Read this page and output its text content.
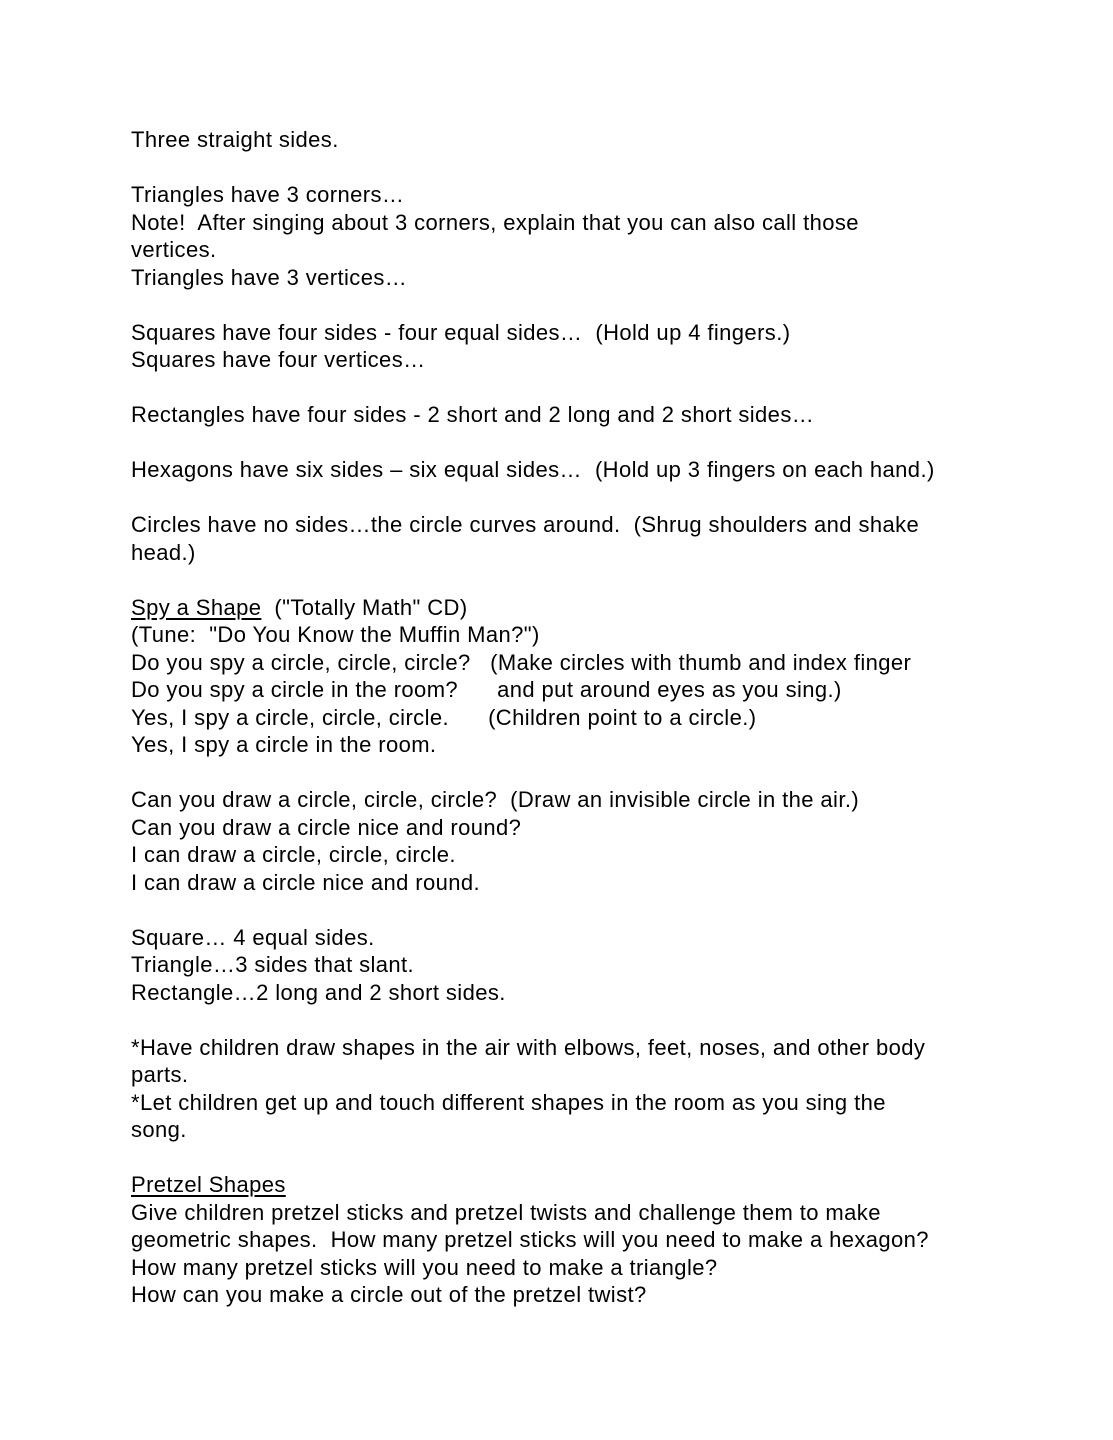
Three straight sides.
Triangles have 3 corners…
Note!  After singing about 3 corners, explain that you can also call those
vertices.
Triangles have 3 vertices…
Squares have four sides - four equal sides…  (Hold up 4 fingers.)
Squares have four vertices…
Rectangles have four sides - 2 short and 2 long and 2 short sides…
Hexagons have six sides – six equal sides…  (Hold up 3 fingers on each hand.)
Circles have no sides…the circle curves around.  (Shrug shoulders and shake
head.)
Spy a Shape  ("Totally Math" CD)
(Tune:  "Do You Know the Muffin Man?")
Do you spy a circle, circle, circle?   (Make circles with thumb and index finger
Do you spy a circle in the room?      and put around eyes as you sing.)
Yes, I spy a circle, circle, circle.      (Children point to a circle.)
Yes, I spy a circle in the room.
Can you draw a circle, circle, circle?  (Draw an invisible circle in the air.)
Can you draw a circle nice and round?
I can draw a circle, circle, circle.
I can draw a circle nice and round.
Square… 4 equal sides.
Triangle…3 sides that slant.
Rectangle…2 long and 2 short sides.
*Have children draw shapes in the air with elbows, feet, noses, and other body
parts.
*Let children get up and touch different shapes in the room as you sing the
song.
Pretzel Shapes
Give children pretzel sticks and pretzel twists and challenge them to make
geometric shapes.  How many pretzel sticks will you need to make a hexagon?
How many pretzel sticks will you need to make a triangle?
How can you make a circle out of the pretzel twist?
